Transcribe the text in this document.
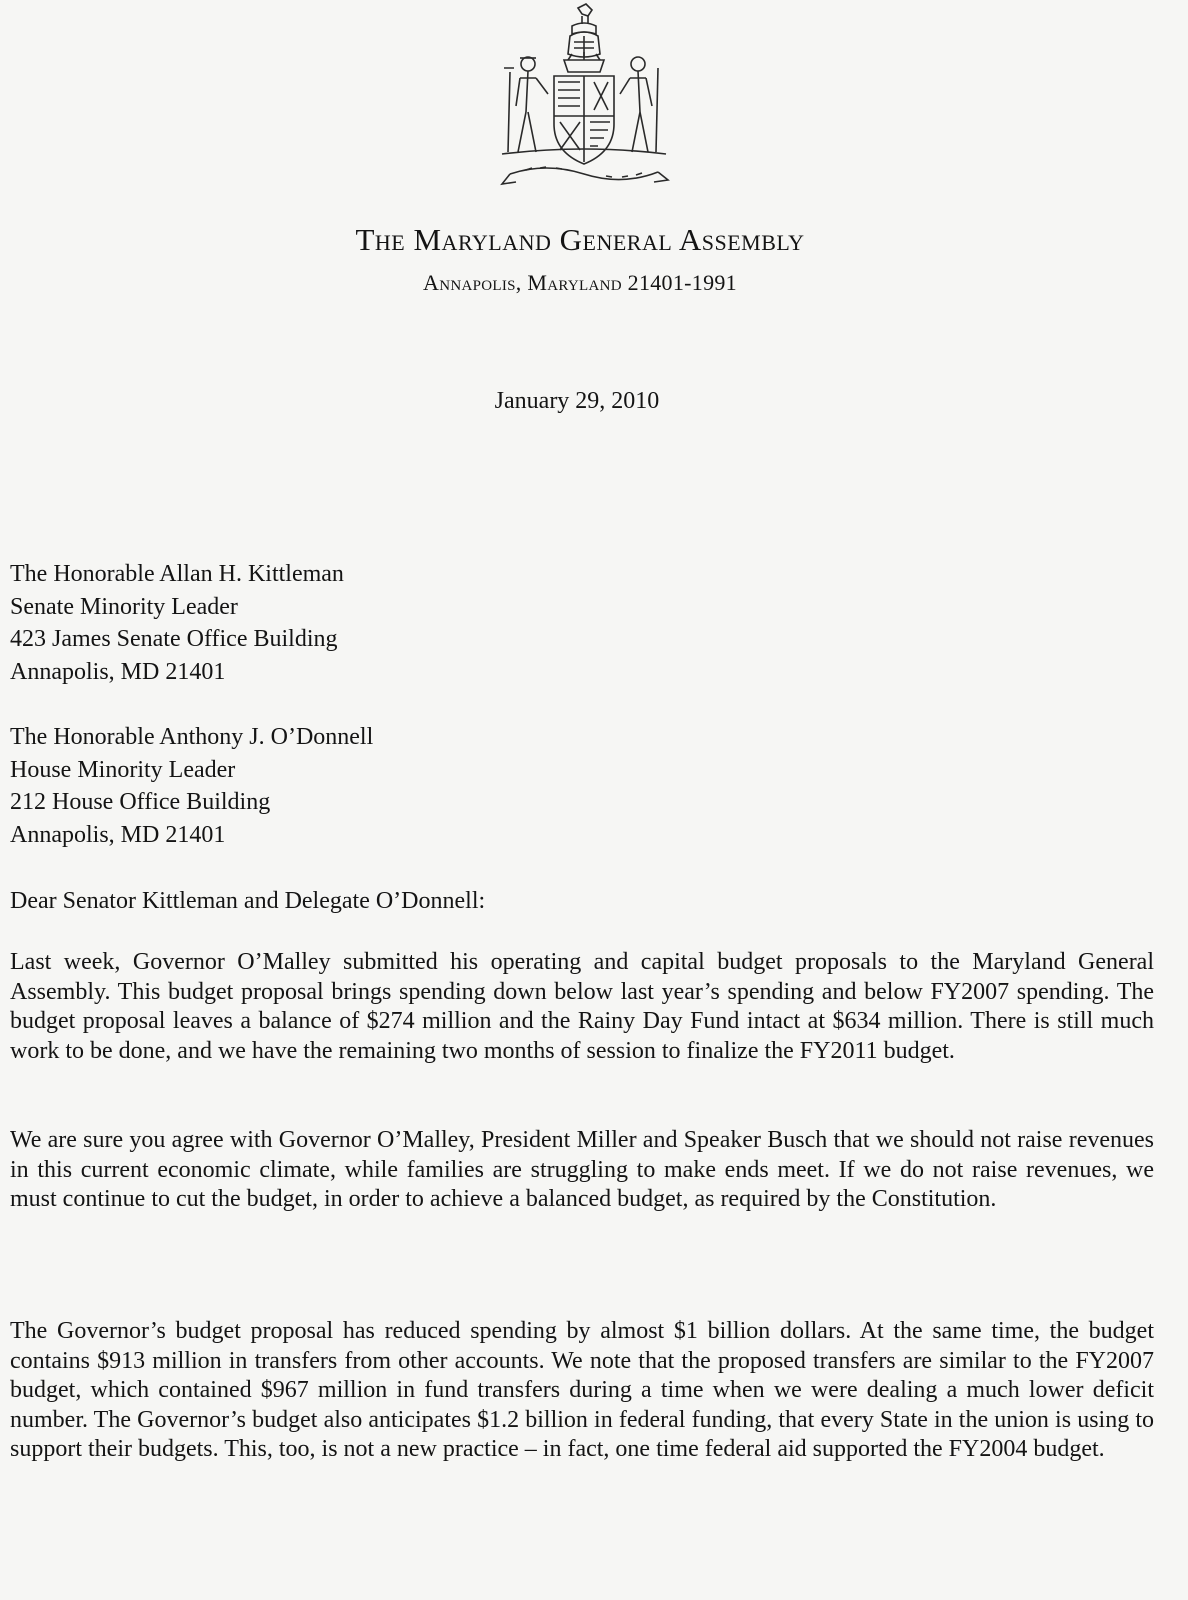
The Maryland General Assembly
Annapolis, Maryland 21401-1991
January 29, 2010
The Honorable Allan H. Kittleman
Senate Minority Leader
423 James Senate Office Building
Annapolis, MD 21401
The Honorable Anthony J. O’Donnell
House Minority Leader
212 House Office Building
Annapolis, MD 21401
Dear Senator Kittleman and Delegate O’Donnell:

Last week, Governor O’Malley submitted his operating and capital budget proposals to the Maryland General Assembly. This budget proposal brings spending down below last year’s spending and below FY2007 spending. The budget proposal leaves a balance of $274 million and the Rainy Day Fund intact at $634 million. There is still much work to be done, and we have the remaining two months of session to finalize the FY2011 budget.

We are sure you agree with Governor O’Malley, President Miller and Speaker Busch that we should not raise revenues in this current economic climate, while families are struggling to make ends meet. If we do not raise revenues, we must continue to cut the budget, in order to achieve a balanced budget, as required by the Constitution.

The Governor’s budget proposal has reduced spending by almost $1 billion dollars. At the same time, the budget contains $913 million in transfers from other accounts. We note that the proposed transfers are similar to the FY2007 budget, which contained $967 million in fund transfers during a time when we were dealing a much lower deficit number. The Governor’s budget also anticipates $1.2 billion in federal funding, that every State in the union is using to support their budgets. This, too, is not a new practice – in fact, one time federal aid supported the FY2004 budget.
